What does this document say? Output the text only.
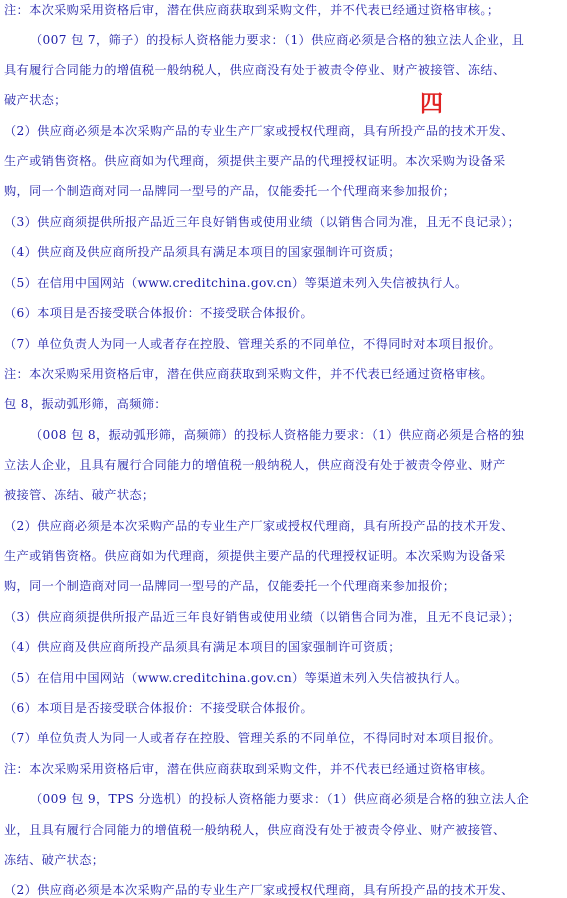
注：本次采购采用资格后审，潜在供应商获取到采购文件，并不代表已经通过资格审核。；
（007 包 7，筛子）的投标人资格能力要求：（1）供应商必须是合格的独立法人企业，且
具有履行合同能力的增值税一般纳税人，供应商没有处于被责令停业、财产被接管、冻结、
破产状态；	四
（2）供应商必须是本次采购产品的专业生产厂家或授权代理商，具有所投产品的技术开发、
生产或销售资格。供应商如为代理商，须提供主要产品的代理授权证明。本次采购为设备采
购，同一个制造商对同一品牌同一型号的产品，仅能委托一个代理商来参加报价；
（3）供应商须提供所报产品近三年良好销售或使用业绩（以销售合同为准，且无不良记录）；
（4）供应商及供应商所投产品须具有满足本项目的国家强制许可资质；
（5）在信用中国网站（www.creditchina.gov.cn）等渠道未列入失信被执行人。
（6）本项目是否接受联合体报价：不接受联合体报价。
（7）单位负责人为同一人或者存在控股、管理关系的不同单位，不得同时对本项目报价。
注：本次采购采用资格后审，潜在供应商获取到采购文件，并不代表已经通过资格审核。
包 8，振动弧形筛，高频筛：
（008 包 8，振动弧形筛，高频筛）的投标人资格能力要求：（1）供应商必须是合格的独
立法人企业，且具有履行合同能力的增值税一般纳税人，供应商没有处于被责令停业、财产
被接管、冻结、破产状态；
（2）供应商必须是本次采购产品的专业生产厂家或授权代理商，具有所投产品的技术开发、
生产或销售资格。供应商如为代理商，须提供主要产品的代理授权证明。本次采购为设备采
购，同一个制造商对同一品牌同一型号的产品，仅能委托一个代理商来参加报价；
（3）供应商须提供所报产品近三年良好销售或使用业绩（以销售合同为准，且无不良记录）；
（4）供应商及供应商所投产品须具有满足本项目的国家强制许可资质；
（5）在信用中国网站（www.creditchina.gov.cn）等渠道未列入失信被执行人。
（6）本项目是否接受联合体报价：不接受联合体报价。
（7）单位负责人为同一人或者存在控股、管理关系的不同单位，不得同时对本项目报价。
注：本次采购采用资格后审，潜在供应商获取到采购文件，并不代表已经通过资格审核。
（009 包 9，TPS 分选机）的投标人资格能力要求：（1）供应商必须是合格的独立法人企
业，且具有履行合同能力的增值税一般纳税人，供应商没有处于被责令停业、财产被接管、
冻结、破产状态；
（2）供应商必须是本次采购产品的专业生产厂家或授权代理商，具有所投产品的技术开发、
